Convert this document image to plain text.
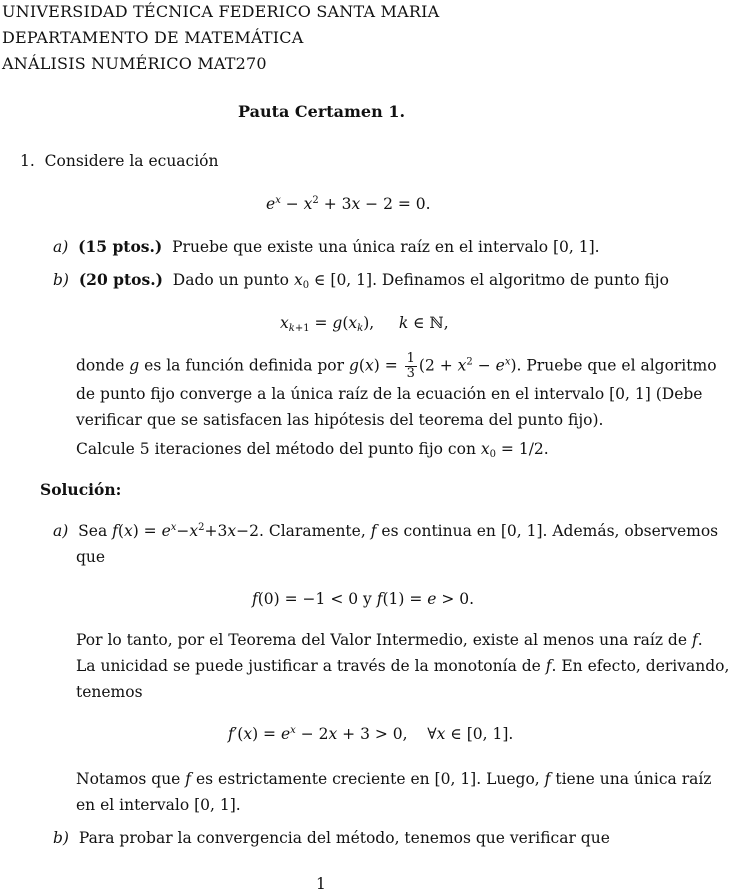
UNIVERSIDAD TÉCNICA FEDERICO SANTA MARIA
DEPARTAMENTO DE MATEMÁTICA
ANÁLISIS NUMÉRICO MAT270
Pauta Certamen 1.
1. Considere la ecuación
$e^x - x^2 + 3x - 2 = 0$.
a) (15 ptos.) Pruebe que existe una única raíz en el intervalo [0, 1].
b) (20 ptos.) Dado un punto $x_0$ ∈ [0, 1]. Definamos el algoritmo de punto fijo
$x_{k+1} = g(x_k)$,     k ∈ ℕ,
donde g es la función definida por $g(x) = \frac{1}{3} (2 + x^2 - e^x)$. Pruebe que el algoritmo
de punto fijo converge a la única raíz de la ecuación en el intervalo [0, 1] (Debe
verificar que se satisfacen las hipótesis del teorema del punto fijo).
Calcule 5 iteraciones del método del punto fijo con $x_0 = 1/2$.
Solución:
a) Sea $f(x) = e^x-x^2+3x-2$. Claramente, f es continua en [0, 1]. Además, observemos
que
f(0) = −1 < 0 y f(1) = e > 0.
Por lo tanto, por el Teorema del Valor Intermedio, existe al menos una raíz de f.
La unicidad se puede justificar a través de la monotonía de f. En efecto, derivando,
tenemos
$f'(x) = e^x - 2x + 3 > 0$,    ∀x ∈ [0, 1].
Notamos que f es estrictamente creciente en [0, 1]. Luego, f tiene una única raíz
en el intervalo [0, 1].
b) Para probar la convergencia del método, tenemos que verificar que
1
